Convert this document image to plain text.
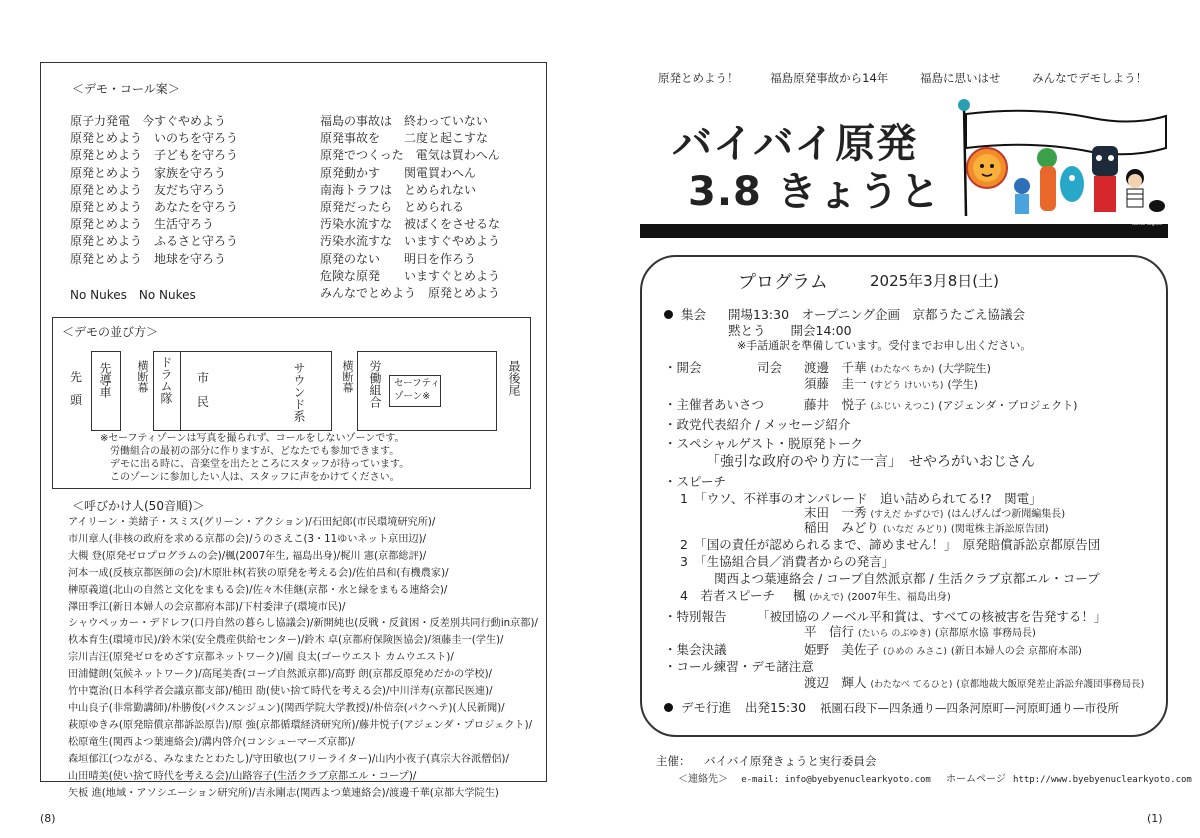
＜デモ・コール案＞
原子力発電　今すぐやめよう
原発とめよう　いのちを守ろう
原発とめよう　子どもを守ろう
原発とめよう　家族を守ろう
原発とめよう　友だち守ろう
原発とめよう　あなたを守ろう
原発とめよう　生活守ろう
原発とめよう　ふるさと守ろう
原発とめよう　地球を守ろう
福島の事故は　終わっていない
原発事故を　　二度と起こすな
原発でつくった　電気は買わへん
原発動かす　　関電買わへん
南海トラフは　とめられない
原発だったら　とめられる
汚染水流すな　被ばくをさせるな
汚染水流すな　いますぐやめよう
原発のない　　明日を作ろう
危険な原発　　いますぐとめよう
みんなでとめよう　原発とめよう
No Nukes　No Nukes
＜デモの並び方＞
先
頭
先導車 横断幕 ドラム隊 市
民	サウンド系	横断幕 労働組合 セーフティ
ゾーン※
最後尾
※セーフティゾーンは写真を撮られず、コールをしないゾーンです。
　労働組合の最初の部分に作りますが、どなたでも参加できます。
　デモに出る時に、音楽堂を出たところにスタッフが待っています。
　このゾーンに参加したい人は、スタッフに声をかけてください。
＜呼びかけ人(50音順)＞
アイリーン・美緒子・スミス(グリーン・アクション)/石田紀郎(市民環境研究所)/
市川章人(非核の政府を求める京都の会)/うのさえこ(3・11ゆいネット京田辺)/
大槻 登(原発ゼロプログラムの会)/楓(2007年生, 福島出身)/梶川 憲(京都総評)/
河本一成(反核京都医師の会)/木原壯林(若狭の原発を考える会)/佐伯昌和(有機農家)/
榊原義道(北山の自然と文化をまもる会)/佐々木佳継(京都・水と緑をまもる連絡会)/
澤田季江(新日本婦人の会京都府本部)/下村委津子(環境市民)/
シャウペッカー・デドレフ(口丹自然の暮らし協議会)/新開純也(反戦・反貧困・反差別共同行動in京都)/
杦本育生(環境市民)/鈴木栄(安全農産供給センター)/鈴木 卓(京都府保険医協会)/須藤圭一(学生)/
宗川吉汪(原発ゼロをめざす京都ネットワーク)/園 良太(ゴーウエスト カムウエスト)/
田浦健朗(気候ネットワーク)/高尾美香(コープ自然派京都)/高野 朗(京都反原発めだかの学校)/
竹中寛治(日本科学者会議京都支部)/槌田 劭(使い捨て時代を考える会)/中川洋寿(京都民医連)/
中山良子(非常勤講師)/朴勝俊(パクスンジュン)(関西学院大学教授)/朴倍奈(パクヘテ)(人民新聞)/
萩原ゆきみ(原発賠償京都訴訟原告)/原 強(京都循環経済研究所)/藤井悦子(アジェンダ・プロジェクト)/
松原竜生(関西よつ葉連絡会)/溝内啓介(コンシューマーズ京都)/
森垣郁江(つながる、みなまたとわたし)/守田敏也(フリーライター)/山内小夜子(真宗大谷派僧侶)/
山田晴美(使い捨て時代を考える会)/山路容子(生活クラブ京都エル・コープ)/
矢板 進(地域・アソシエーション研究所)/吉永剛志(関西よつ葉連絡会)/渡邊千華(京都大学院生)
(8)
原発とめよう！	福島原発事故から14年	福島に思いはせ	みんなでデモしよう！
バイバイ原発
3.8 きょうと
Kuniko Sugiura
プログラム	2025年3月8日(土)
集会 開場13:30　オープニング企画　京都うたごえ協議会
黙とう　　開会14:00
※手話通訳を準備しています。受付までお申し出ください。
・開会	司会 渡邊　千華 (わたなべ ちか) (大学院生)
須藤　圭一 (すどう けいいち) (学生)
・主催者あいさつ	藤井　悦子 (ふじい えつこ) (アジェンダ・プロジェクト)
・政党代表紹介 / メッセージ紹介
・スペシャルゲスト・脱原発トーク
「強引な政府のやり方に一言」　せやろがいおじさん
・スピーチ
1　「ウソ、不祥事のオンパレード　追い詰められてる!?　関電」
末田　一秀 (すえだ かずひで) (はんげんぱつ新聞編集長)
稲田　みどり (いなだ みどり) (関電株主訴訟原告団)
2　「国の責任が認められるまで、諦めません！」　原発賠償訴訟京都原告団
3　「生協組合員／消費者からの発言」
関西よつ葉連絡会 / コープ自然派京都 / 生活クラブ京都エル・コープ
4　若者スピーチ 楓 (かえで) (2007年生、福島出身)
・特別報告 「被団協のノーベル平和賞は、すべての核被害を告発する！」
平　信行 (たいら のぶゆき) (京都原水協 事務局長)
・集会決議	姫野　美佐子 (ひめの みさこ) (新日本婦人の会 京都府本部)
・コール練習・デモ諸注意
渡辺　輝人 (わたなべ てるひと) (京都地裁大飯原発差止訴訟弁護団事務局長)
デモ行進 出発15:30 祇園石段下—四条通り—四条河原町—河原町通り—市役所
主催： バイバイ原発きょうと実行委員会
＜連絡先＞ e-mail: info@byebyenuclearkyoto.com ホームページ http://www.byebyenuclearkyoto.com
(1)
